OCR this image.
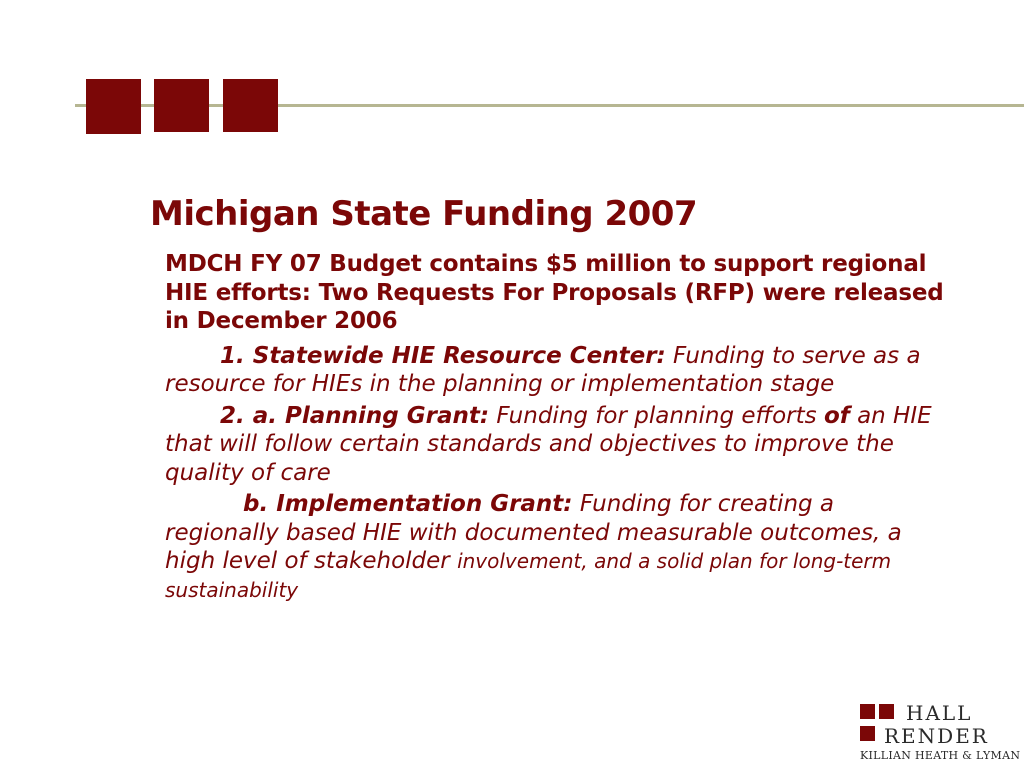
Michigan State Funding 2007
MDCH FY 07 Budget contains $5 million to support regional HIE efforts: Two Requests For Proposals (RFP) were released in December 2006
1. Statewide HIE Resource Center: Funding to serve as a resource for HIEs in the planning or implementation stage
2. a. Planning Grant: Funding for planning efforts of an HIE that will follow certain standards and objectives to improve the quality of care
b. Implementation Grant: Funding for creating a regionally based HIE with documented measurable outcomes, a high level of stakeholder involvement, and a solid plan for long-term sustainability
HALL
RENDER
KILLIAN HEATH & LYMAN
